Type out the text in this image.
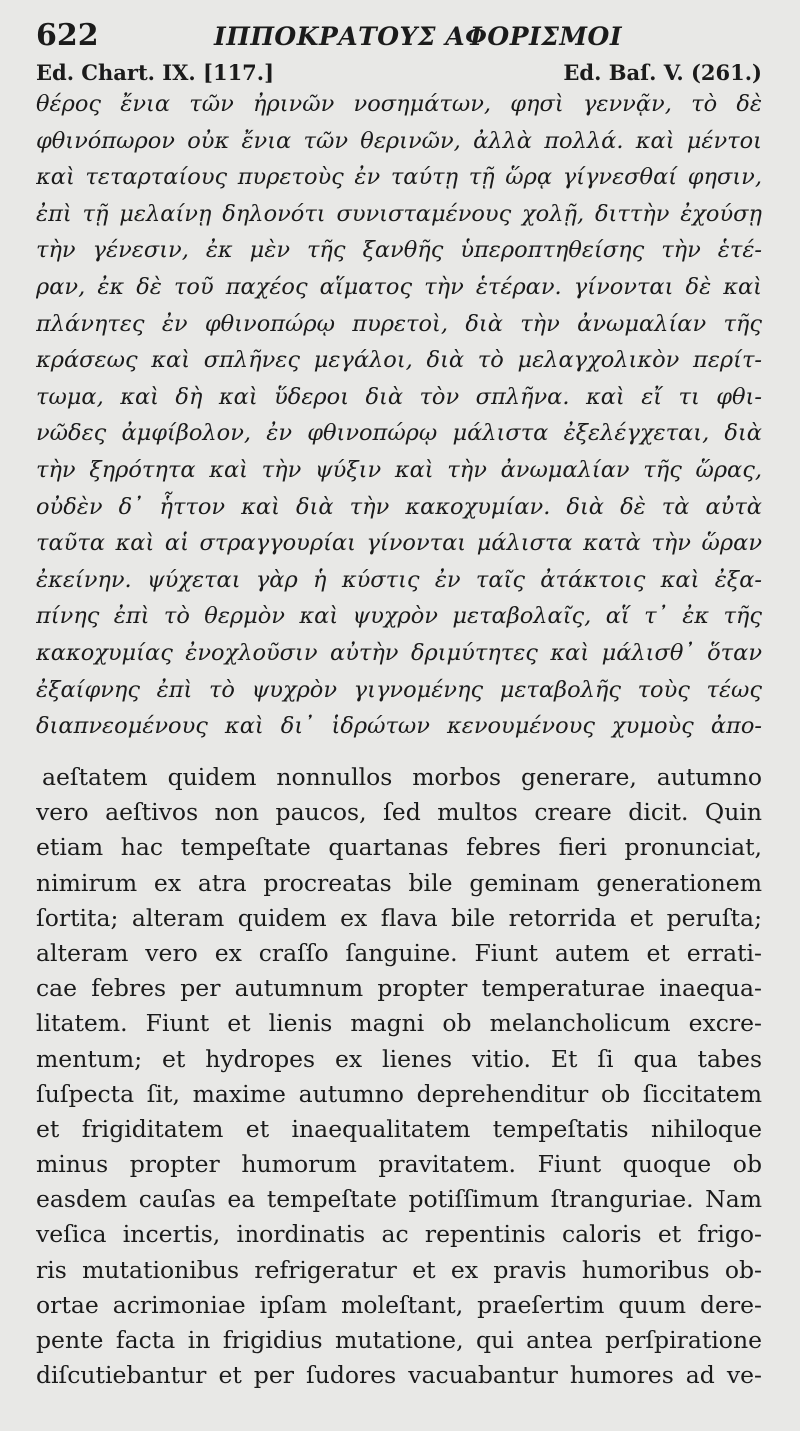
622	ΙΠΠΟΚΡΑΤΟΥΣ ΑΦΟΡΙΣΜΟΙ
Ed. Chart. IX. [117.]	Ed. Baſ. V. (261.)
θέρος ἔνια τῶν ἠρινῶν νοσημάτων, φησὶ γεννᾷν, τὸ δὲ
φθινόπωρον οὐκ ἔνια τῶν θερινῶν, ἀλλὰ πολλά. καὶ μέντοι
καὶ τεταρταίους πυρετοὺς ἐν ταύτῃ τῇ ὥρᾳ γίγνεσθαί φησιν,
ἐπὶ τῇ μελαίνῃ δηλονότι συνισταμένους χολῇ, διττὴν ἐχούσῃ
τὴν γένεσιν, ἐκ μὲν τῆς ξανθῆς ὑπεροπτηθείσης τὴν ἑτέ-
ραν, ἐκ δὲ τοῦ παχέος αἵματος τὴν ἑτέραν. γίνονται δὲ καὶ
πλάνητες ἐν φθινοπώρῳ πυρετοὶ, διὰ τὴν ἀνωμαλίαν τῆς
κράσεως καὶ σπλῆνες μεγάλοι, διὰ τὸ μελαγχολικὸν περίτ-
τωμα, καὶ δὴ καὶ ὕδεροι διὰ τὸν σπλῆνα. καὶ εἴ τι φθι-
νῶδες ἀμφίβολον, ἐν φθινοπώρῳ μάλιστα ἐξελέγχεται, διὰ
τὴν ξηρότητα καὶ τὴν ψύξιν καὶ τὴν ἀνωμαλίαν τῆς ὥρας,
οὐδὲν δ᾽ ἧττον καὶ διὰ τὴν κακοχυμίαν. διὰ δὲ τὰ αὐτὰ
ταῦτα καὶ αἱ στραγγουρίαι γίνονται μάλιστα κατὰ τὴν ὥραν
ἐκείνην. ψύχεται γὰρ ἡ κύστις ἐν ταῖς ἀτάκτοις καὶ ἐξα-
πίνης ἐπὶ τὸ θερμὸν καὶ ψυχρὸν μεταβολαῖς, αἵ τ᾽ ἐκ τῆς
κακοχυμίας ἐνοχλοῦσιν αὐτὴν δριμύτητες καὶ μάλισθ᾽ ὅταν
ἐξαίφνης ἐπὶ τὸ ψυχρὸν γιγνομένης μεταβολῆς τοὺς τέως
διαπνεομένους καὶ δι᾽ ἱδρώτων κενουμένους χυμοὺς ἀπο-
aeſtatem quidem nonnullos morbos generare, autumno
vero aeſtivos non paucos, ſed multos creare dicit. Quin
etiam hac tempeſtate quartanas febres fieri pronunciat,
nimirum ex atra procreatas bile geminam generationem
ſortita; alteram quidem ex flava bile retorrida et peruſta;
alteram vero ex craſſo ſanguine. Fiunt autem et errati-
cae febres per autumnum propter temperaturae inaequa-
litatem. Fiunt et lienis magni ob melancholicum excre-
mentum; et hydropes ex lienes vitio. Et ſi qua tabes
ſuſpecta ſit, maxime autumno deprehenditur ob ſiccitatem
et frigiditatem et inaequalitatem tempeſtatis nihiloque
minus propter humorum pravitatem. Fiunt quoque ob
easdem cauſas ea tempeſtate potiſſimum ſtranguriae. Nam
veſica incertis, inordinatis ac repentinis caloris et frigo-
ris mutationibus refrigeratur et ex pravis humoribus ob-
ortae acrimoniae ipſam moleſtant, praeſertim quum dere-
pente facta in frigidius mutatione, qui antea perſpiratione
diſcutiebantur et per ſudores vacuabantur humores ad ve-
